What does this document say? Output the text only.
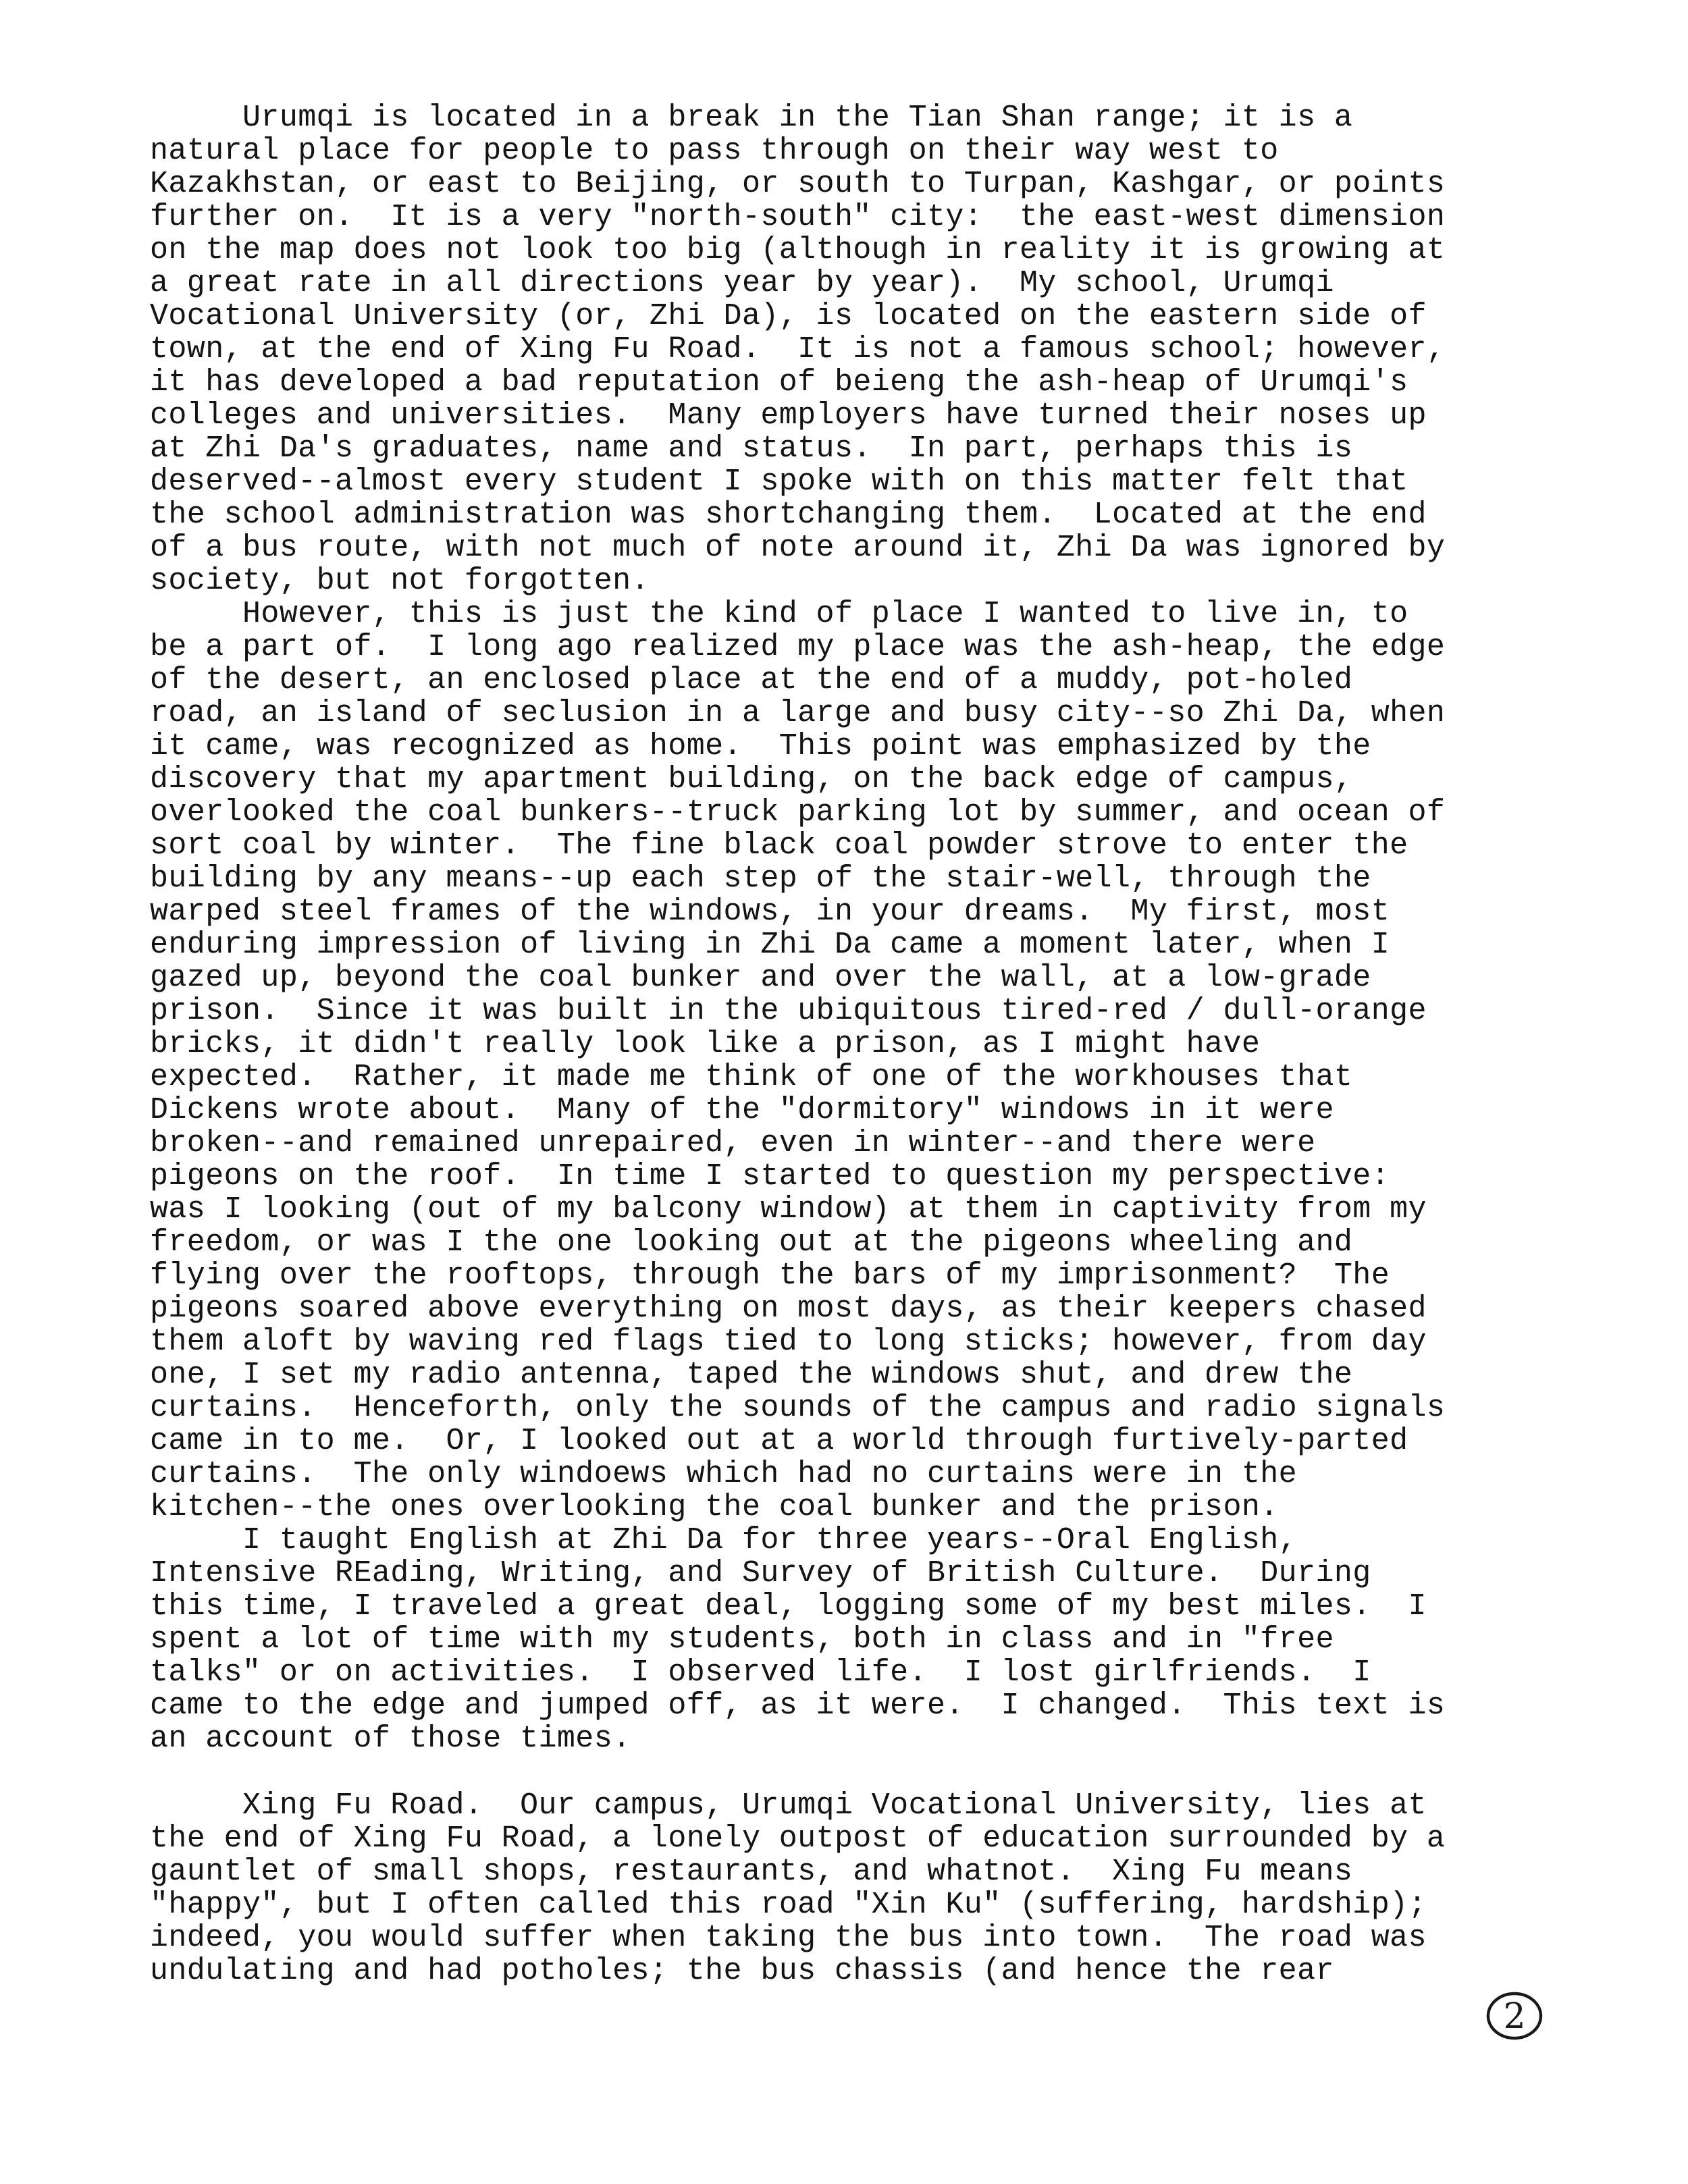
Urumqi is located in a break in the Tian Shan range; it is a
natural place for people to pass through on their way west to
Kazakhstan, or east to Beijing, or south to Turpan, Kashgar, or points
further on.  It is a very "north-south" city:  the east-west dimension
on the map does not look too big (although in reality it is growing at
a great rate in all directions year by year).  My school, Urumqi
Vocational University (or, Zhi Da), is located on the eastern side of
town, at the end of Xing Fu Road.  It is not a famous school; however,
it has developed a bad reputation of beieng the ash-heap of Urumqi's
colleges and universities.  Many employers have turned their noses up
at Zhi Da's graduates, name and status.  In part, perhaps this is
deserved--almost every student I spoke with on this matter felt that
the school administration was shortchanging them.  Located at the end
of a bus route, with not much of note around it, Zhi Da was ignored by
society, but not forgotten.
However, this is just the kind of place I wanted to live in, to
be a part of.  I long ago realized my place was the ash-heap, the edge
of the desert, an enclosed place at the end of a muddy, pot-holed
road, an island of seclusion in a large and busy city--so Zhi Da, when
it came, was recognized as home.  This point was emphasized by the
discovery that my apartment building, on the back edge of campus,
overlooked the coal bunkers--truck parking lot by summer, and ocean of
sort coal by winter.  The fine black coal powder strove to enter the
building by any means--up each step of the stair-well, through the
warped steel frames of the windows, in your dreams.  My first, most
enduring impression of living in Zhi Da came a moment later, when I
gazed up, beyond the coal bunker and over the wall, at a low-grade
prison.  Since it was built in the ubiquitous tired-red / dull-orange
bricks, it didn't really look like a prison, as I might have
expected.  Rather, it made me think of one of the workhouses that
Dickens wrote about.  Many of the "dormitory" windows in it were
broken--and remained unrepaired, even in winter--and there were
pigeons on the roof.  In time I started to question my perspective:
was I looking (out of my balcony window) at them in captivity from my
freedom, or was I the one looking out at the pigeons wheeling and
flying over the rooftops, through the bars of my imprisonment?  The
pigeons soared above everything on most days, as their keepers chased
them aloft by waving red flags tied to long sticks; however, from day
one, I set my radio antenna, taped the windows shut, and drew the
curtains.  Henceforth, only the sounds of the campus and radio signals
came in to me.  Or, I looked out at a world through furtively-parted
curtains.  The only windoews which had no curtains were in the
kitchen--the ones overlooking the coal bunker and the prison.
I taught English at Zhi Da for three years--Oral English,
Intensive REading, Writing, and Survey of British Culture.  During
this time, I traveled a great deal, logging some of my best miles.  I
spent a lot of time with my students, both in class and in "free
talks" or on activities.  I observed life.  I lost girlfriends.  I
came to the edge and jumped off, as it were.  I changed.  This text is
an account of those times.
Xing Fu Road.  Our campus, Urumqi Vocational University, lies at
the end of Xing Fu Road, a lonely outpost of education surrounded by a
gauntlet of small shops, restaurants, and whatnot.  Xing Fu means
"happy", but I often called this road "Xin Ku" (suffering, hardship);
indeed, you would suffer when taking the bus into town.  The road was
undulating and had potholes; the bus chassis (and hence the rear
2
